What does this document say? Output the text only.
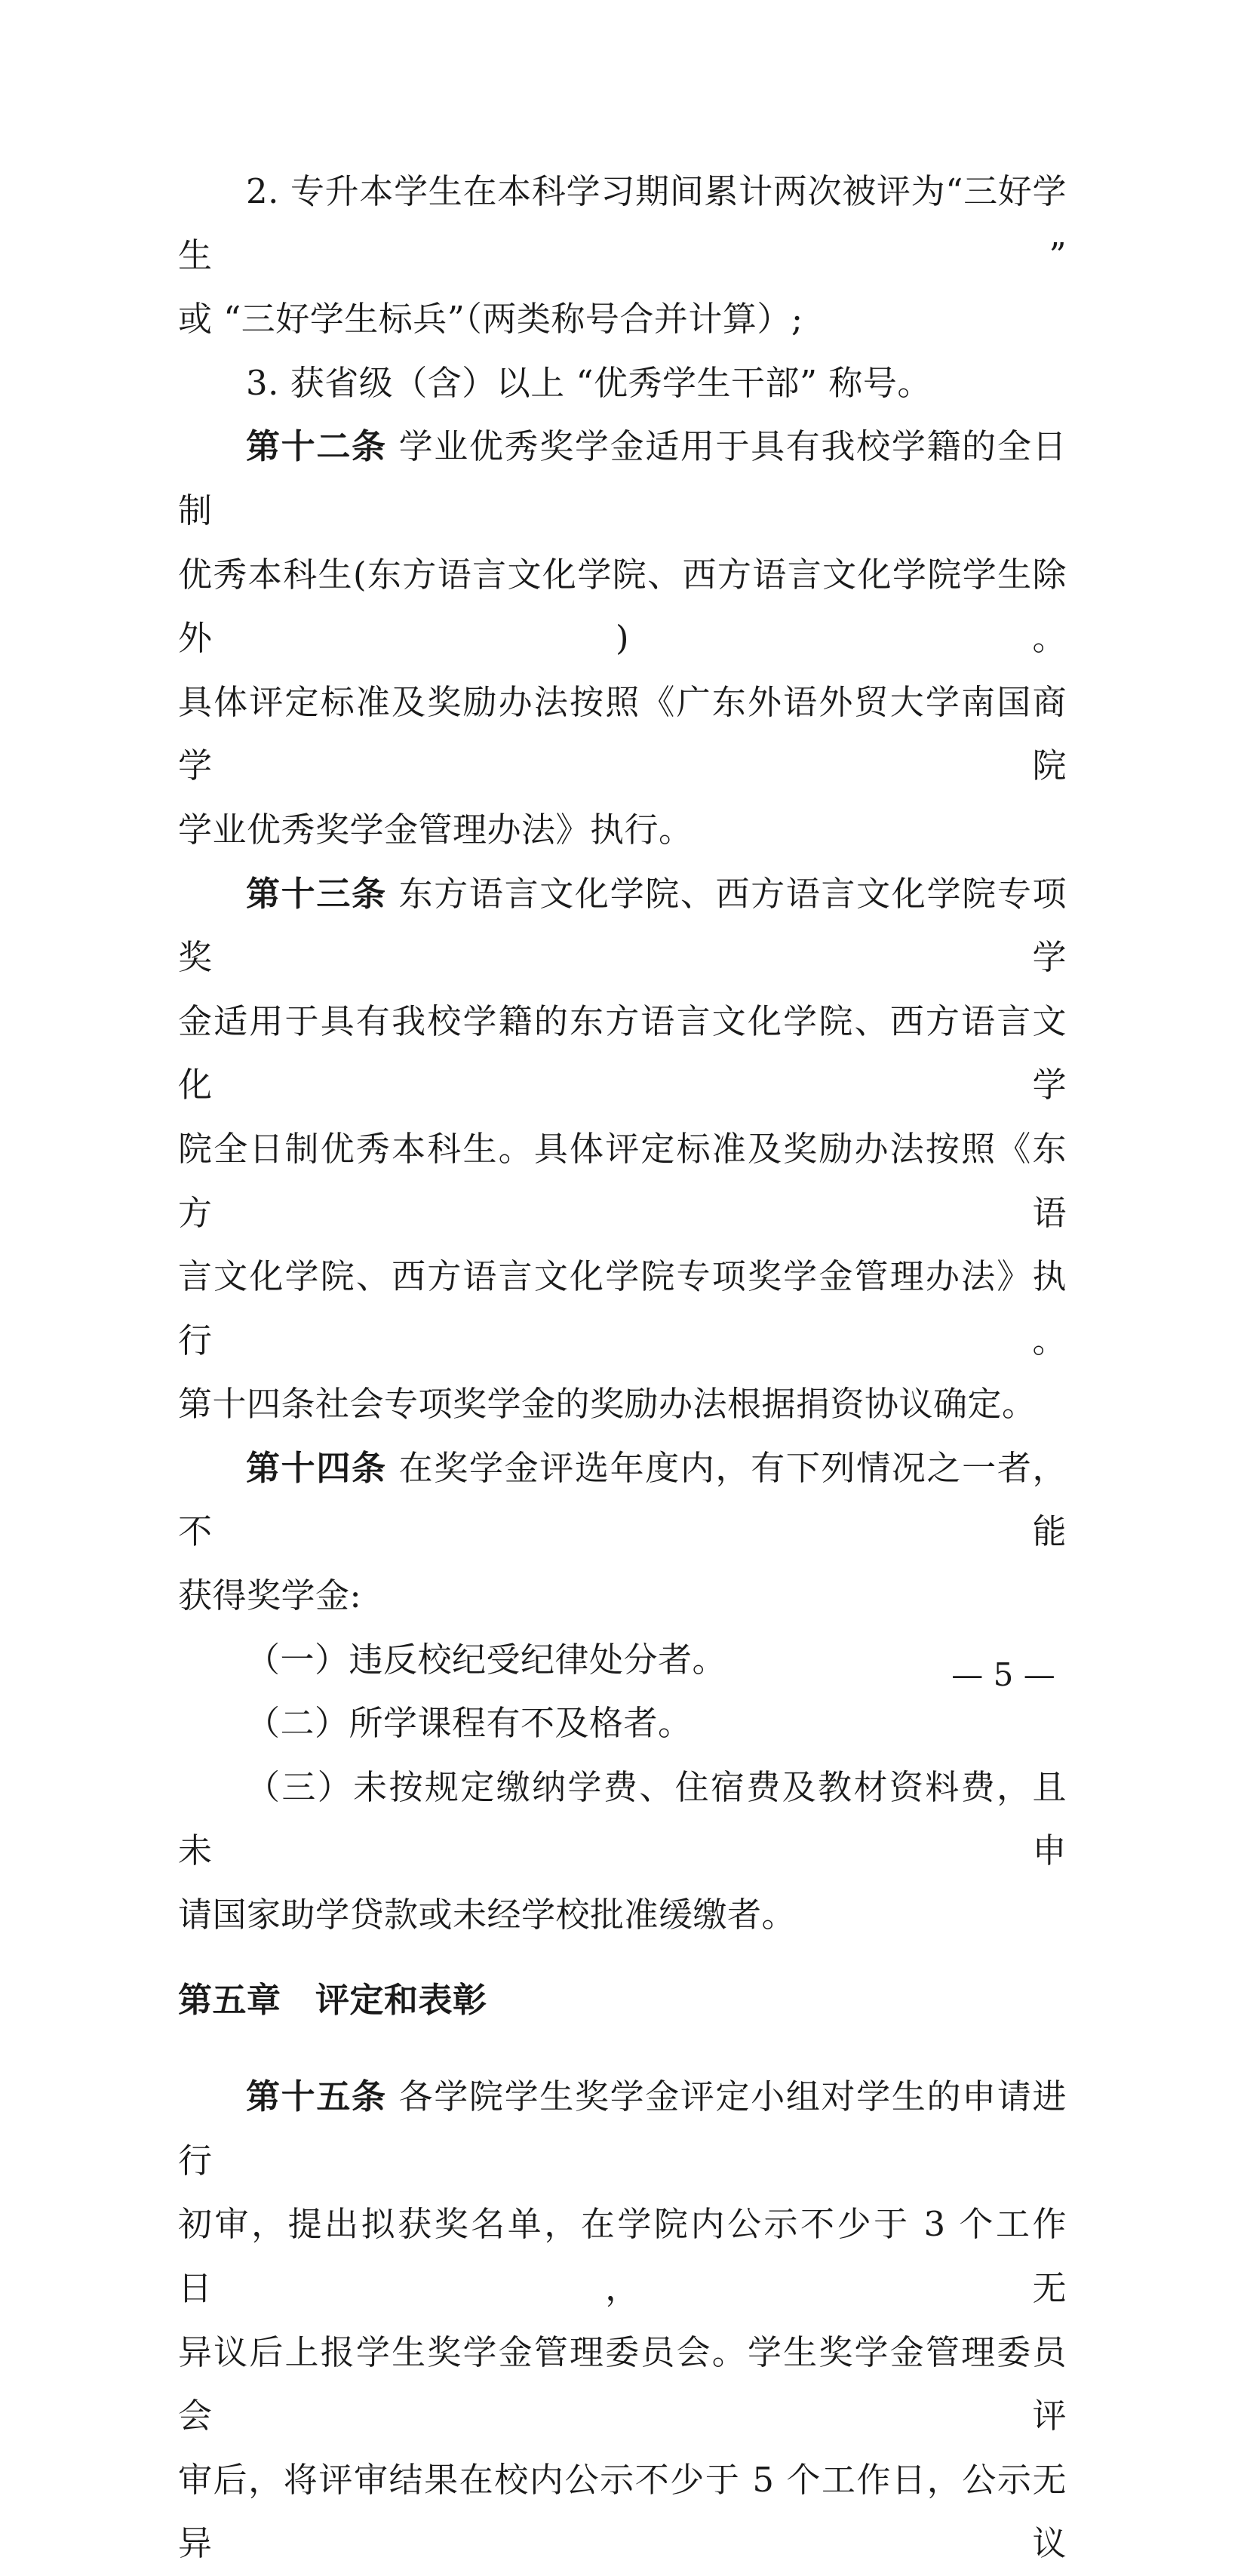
2. 专升本学生在本科学习期间累计两次被评为“三好学生”

或 “三好学生标兵”（两类称号合并计算）;

3. 获省级（含）以上 “优秀学生干部” 称号。

第十二条 学业优秀奖学金适用于具有我校学籍的全日制

优秀本科生(东方语言文化学院、西方语言文化学院学生除外)。

具体评定标准及奖励办法按照《广东外语外贸大学南国商学院

学业优秀奖学金管理办法》执行。

第十三条 东方语言文化学院、西方语言文化学院专项奖学

金适用于具有我校学籍的东方语言文化学院、西方语言文化学

院全日制优秀本科生。具体评定标准及奖励办法按照《东方语

言文化学院、西方语言文化学院专项奖学金管理办法》执行。

第十四条社会专项奖学金的奖励办法根据捐资协议确定。

第十四条 在奖学金评选年度内，有下列情况之一者，不能

获得奖学金:

（一）违反校纪受纪律处分者。

（二）所学课程有不及格者。

（三）未按规定缴纳学费、住宿费及教材资料费，且未申

请国家助学贷款或未经学校批准缓缴者。

第五章　评定和表彰

第十五条 各学院学生奖学金评定小组对学生的申请进行

初审，提出拟获奖名单，在学院内公示不少于 3 个工作日，无

异议后上报学生奖学金管理委员会。学生奖学金管理委员会评

审后，将评审结果在校内公示不少于 5 个工作日，公示无异议

— 5 —
